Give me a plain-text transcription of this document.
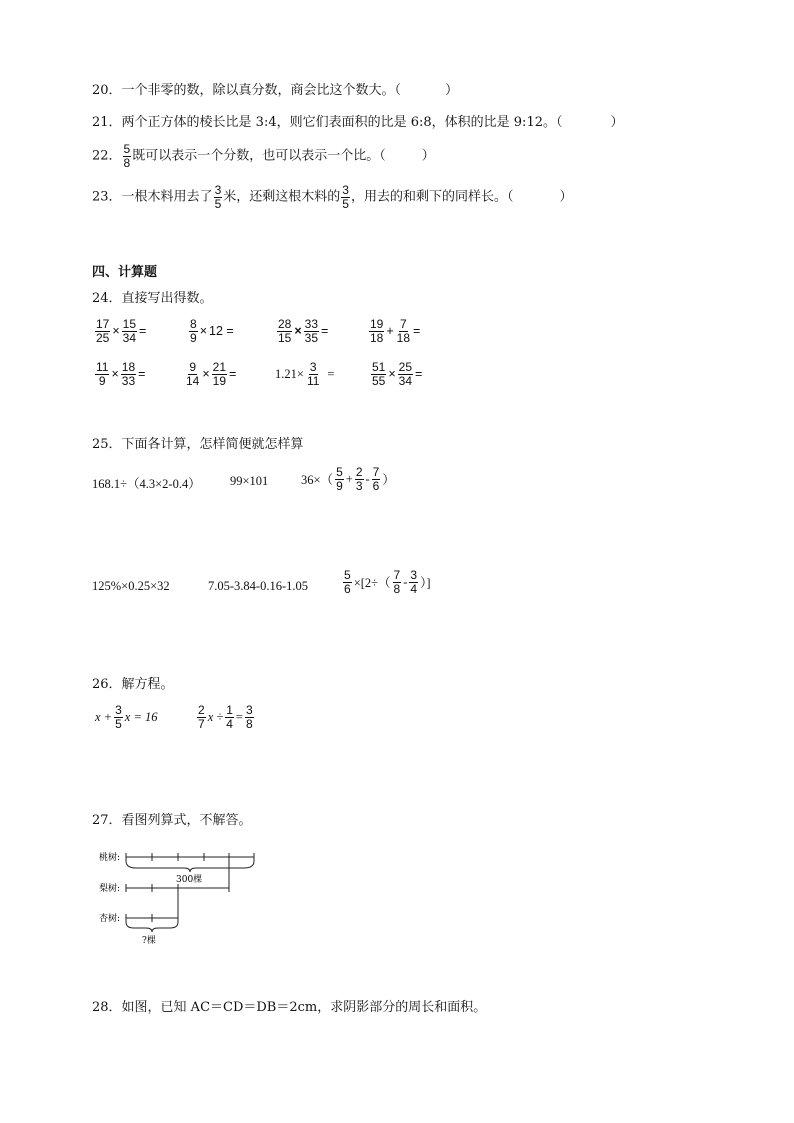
20．一个非零的数，除以真分数，商会比这个数大。（	）
21．两个正方体的棱长比是 3:4，则它们表面积的比是 6:8，体积的比是 9:12。（	）
22． $\frac{5}{8}$ 既可以表示一个分数，也可以表示一个比。（	）
23．一根木料用去了 $\frac{3}{5}$ 米，还剩这根木料的 $\frac{3}{5}$ ，用去的和剩下的同样长。（	）
四、计算题
24．直接写出得数。
$\frac{17}{25} \times \frac{15}{34}$ =	$\frac{8}{9} \times 12$ =	$\frac{28}{15} \times \frac{33}{35}$ =	$\frac{19}{18} + \frac{7}{18}$ =
$\frac{11}{9} \times \frac{18}{33}$ =	$\frac{9}{14} \times \frac{21}{19}$ =	$1.21\times \frac{3}{11}$ =	$\frac{51}{55} \times \frac{25}{34}$ =
25．下面各计算，怎样简便就怎样算
168.1÷（4.3×2-0.4） 99×101	$36\times( \frac{5}{9} + \frac{2}{3} - \frac{7}{6}$ ）
125%×0.25×32	7.05-3.84-0.16-1.05	$\frac{5}{6} \times[2\div( \frac{7}{8} - \frac{3}{4}$ ）]
26．解方程。
$x + \frac{3}{5}$ x = 16	$\frac{2}{7}$ $x \div \frac{1}{4} = \frac{3}{8}$
27．看图列算式，不解答。
桃树:
300棵
梨树:
杏树:
?棵
28．如图，已知 AC＝CD＝DB＝2cm，求阴影部分的周长和面积。
